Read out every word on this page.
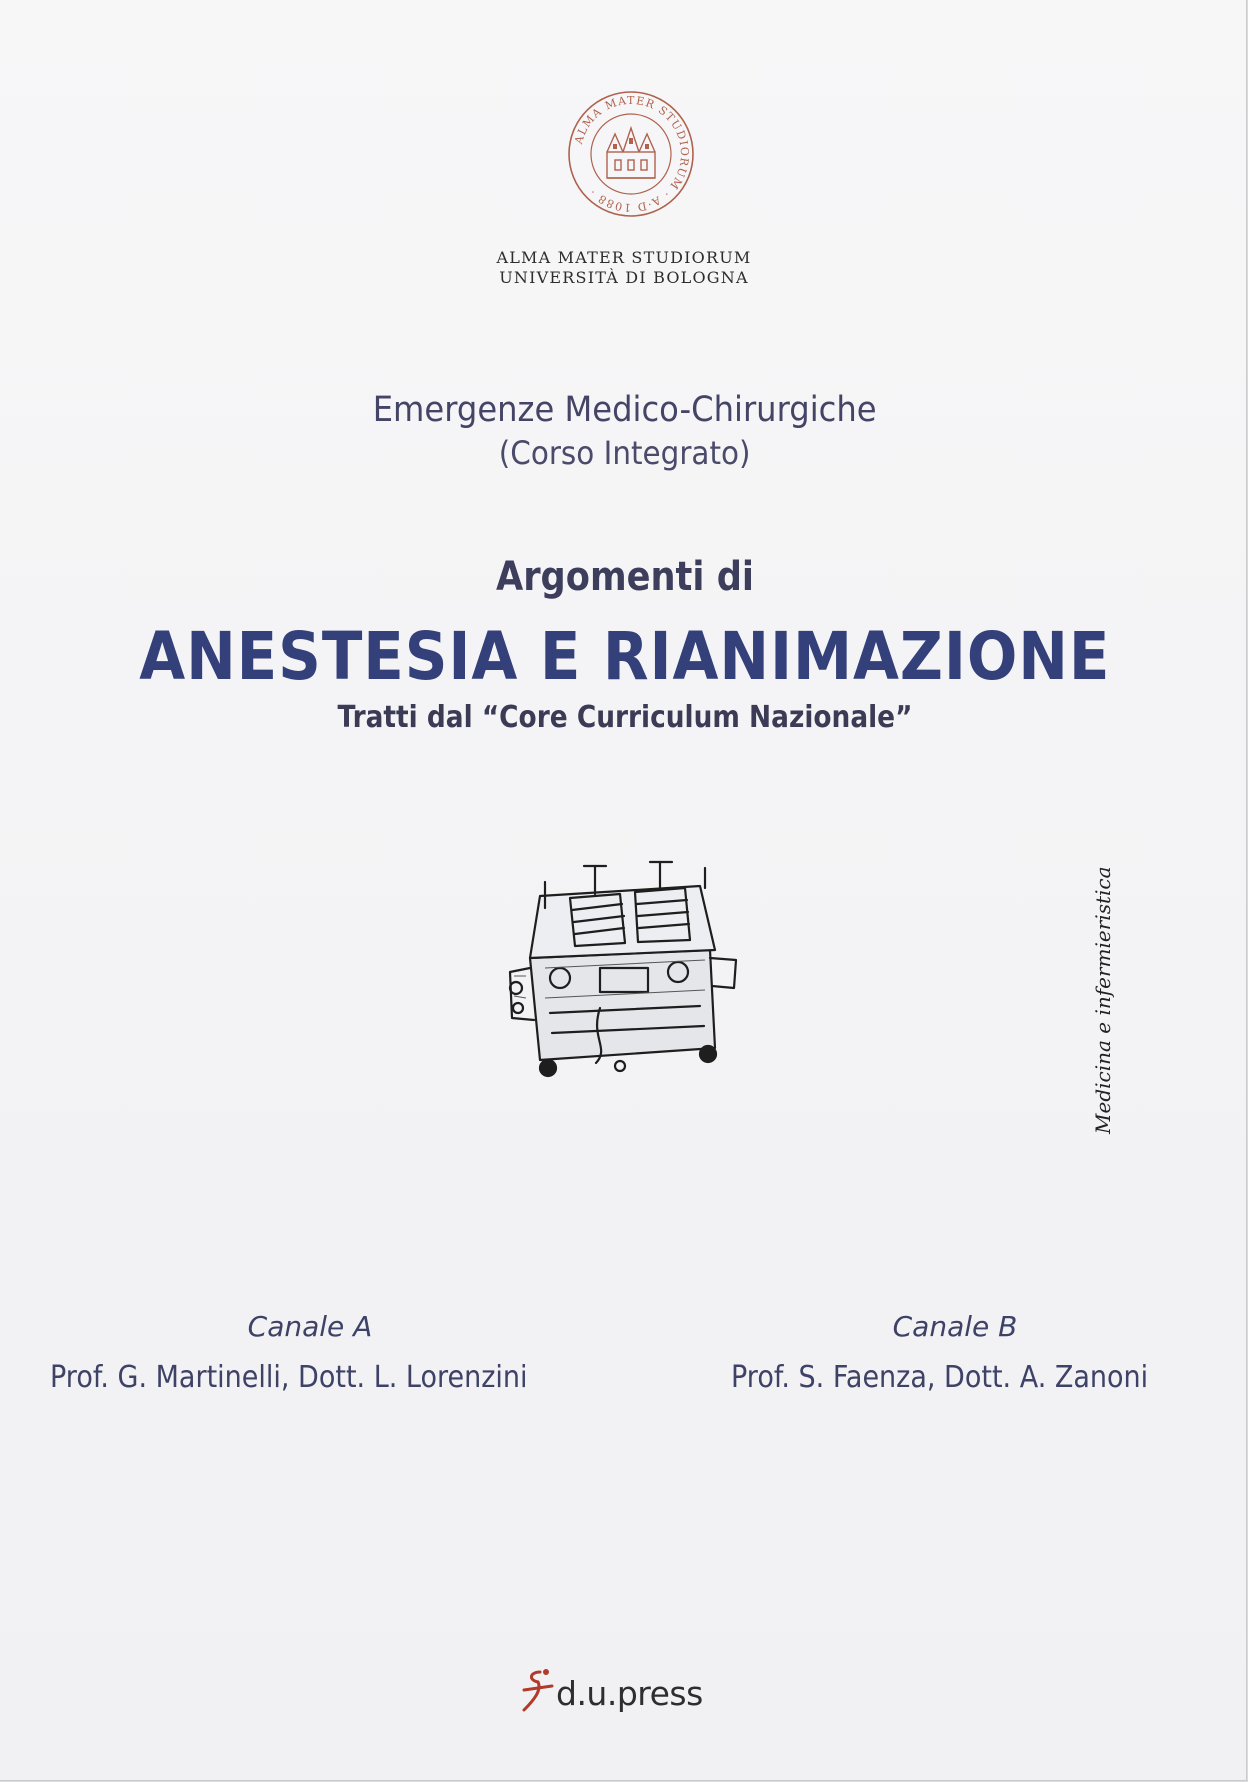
ALMA MATER STUDIORUM · A·D 1088 ·
ALMA MATER STUDIORUM
UNIVERSITÀ DI BOLOGNA
Emergenze Medico-Chirurgiche
(Corso Integrato)
Argomenti di
ANESTESIA E RIANIMAZIONE
Tratti dal “Core Curriculum Nazionale”
Medicina e infermieristica
Canale A	Canale B
Prof. G. Martinelli, Dott. L. Lorenzini	Prof. S. Faenza, Dott. A. Zanoni
d.u.press
